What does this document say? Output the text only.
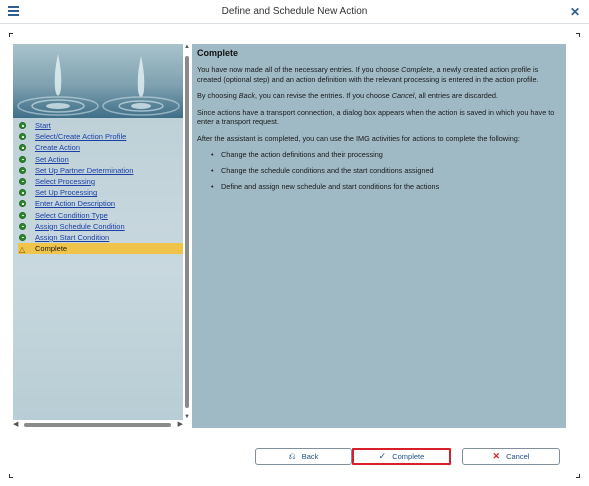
Define and Schedule New Action	✕
Start
Select/Create Action Profile
Create Action
Set Action
Set Up Partner Determination
Select Processing
Set Up Processing
Enter Action Description
Select Condition Type
Assign Schedule Condition
Assign Start Condition
△ Complete
▲
▼
◀	▶
Complete

You have now made all of the necessary entries. If you choose Complete, a newly created action profile is created (optional step) and an action definition with the relevant processing is entered in the action profile.

By choosing Back, you can revise the entries. If you choose Cancel, all entries are discarded.

Since actions have a transport connection, a dialog box appears when the action is saved in which you have to enter a transport request.

After the assistant is completed, you can use the IMG activities for actions to complete the following:

• Change the action definitions and their processing
• Change the schedule conditions and the start conditions assigned
• Define and assign new schedule and start conditions for the actions
⎌ Back	✓ Complete	✕ Cancel
